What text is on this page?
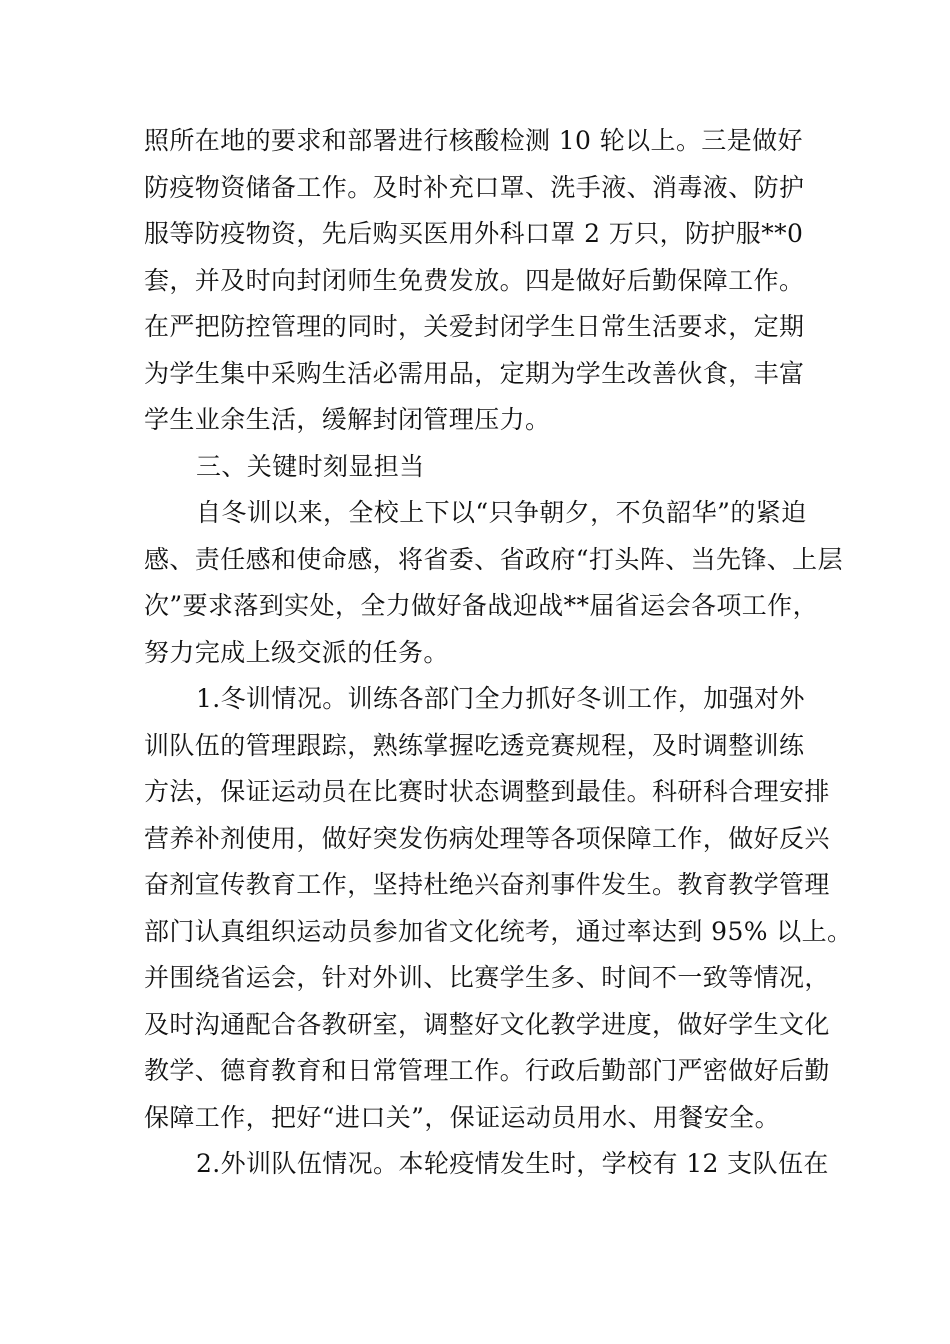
照所在地的要求和部署进行核酸检测 10 轮以上。三是做好
防疫物资储备工作。及时补充口罩、洗手液、消毒液、防护
服等防疫物资，先后购买医用外科口罩 2 万只，防护服**0
套，并及时向封闭师生免费发放。四是做好后勤保障工作。
在严把防控管理的同时，关爱封闭学生日常生活要求，定期
为学生集中采购生活必需用品，定期为学生改善伙食，丰富
学生业余生活，缓解封闭管理压力。
三、关键时刻显担当
自冬训以来，全校上下以“只争朝夕，不负韶华”的紧迫
感、责任感和使命感，将省委、省政府“打头阵、当先锋、上层
次”要求落到实处，全力做好备战迎战**届省运会各项工作，
努力完成上级交派的任务。
1.冬训情况。训练各部门全力抓好冬训工作，加强对外
训队伍的管理跟踪，熟练掌握吃透竞赛规程，及时调整训练
方法，保证运动员在比赛时状态调整到最佳。科研科合理安排
营养补剂使用，做好突发伤病处理等各项保障工作，做好反兴
奋剂宣传教育工作，坚持杜绝兴奋剂事件发生。教育教学管理
部门认真组织运动员参加省文化统考，通过率达到 95% 以上。
并围绕省运会，针对外训、比赛学生多、时间不一致等情况，
及时沟通配合各教研室，调整好文化教学进度，做好学生文化
教学、德育教育和日常管理工作。行政后勤部门严密做好后勤
保障工作，把好“进口关”，保证运动员用水、用餐安全。
2.外训队伍情况。本轮疫情发生时，学校有 12 支队伍在
